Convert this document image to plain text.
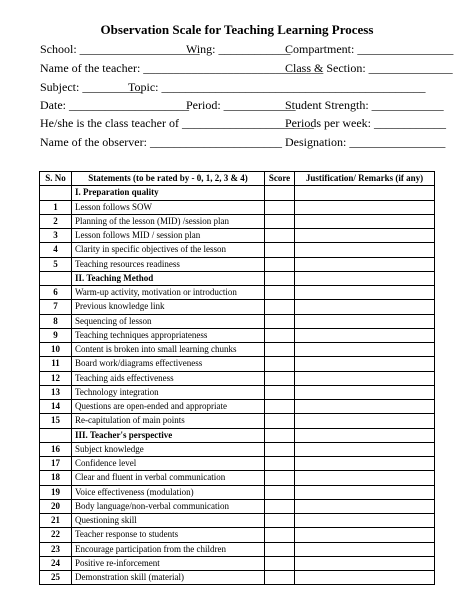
Observation Scale for Teaching Learning Process
School: ____________________
Wing: ____________
Compartment: ________________
Name of the teacher: ______________________________
Class & Section: ______________
Subject: __________
Topic: ____________________________________________
Date: ____________________
Period: ____________
Student Strength: ____________
He/she is the class teacher of ______________________
Periods per week: ____________
Name of the observer: ______________________ Designation: ________________
S. No	Statements (to be rated by - 0, 1, 2, 3 & 4)	Score	Justification/ Remarks (if any)
	I. Preparation quality		
1	Lesson follows SOW		
2	Planning of the lesson (MID) /session plan		
3	Lesson follows MID / session plan		
4	Clarity in specific objectives of the lesson		
5	Teaching resources readiness		
	II. Teaching Method		
6	Warm-up activity, motivation or introduction		
7	Previous knowledge link		
8	Sequencing of lesson		
9	Teaching techniques appropriateness		
10	Content is broken into small learning chunks		
11	Board work/diagrams effectiveness		
12	Teaching aids effectiveness		
13	Technology integration		
14	Questions are open-ended and appropriate		
15	Re-capitulation of main points		
	III. Teacher's perspective		
16	Subject knowledge		
17	Confidence level		
18	Clear and fluent in verbal communication		
19	Voice effectiveness (modulation)		
20	Body language/non-verbal communication		
21	Questioning skill		
22	Teacher response to students		
23	Encourage participation from the children		
24	Positive re-inforcement		
25	Demonstration skill (material)		
